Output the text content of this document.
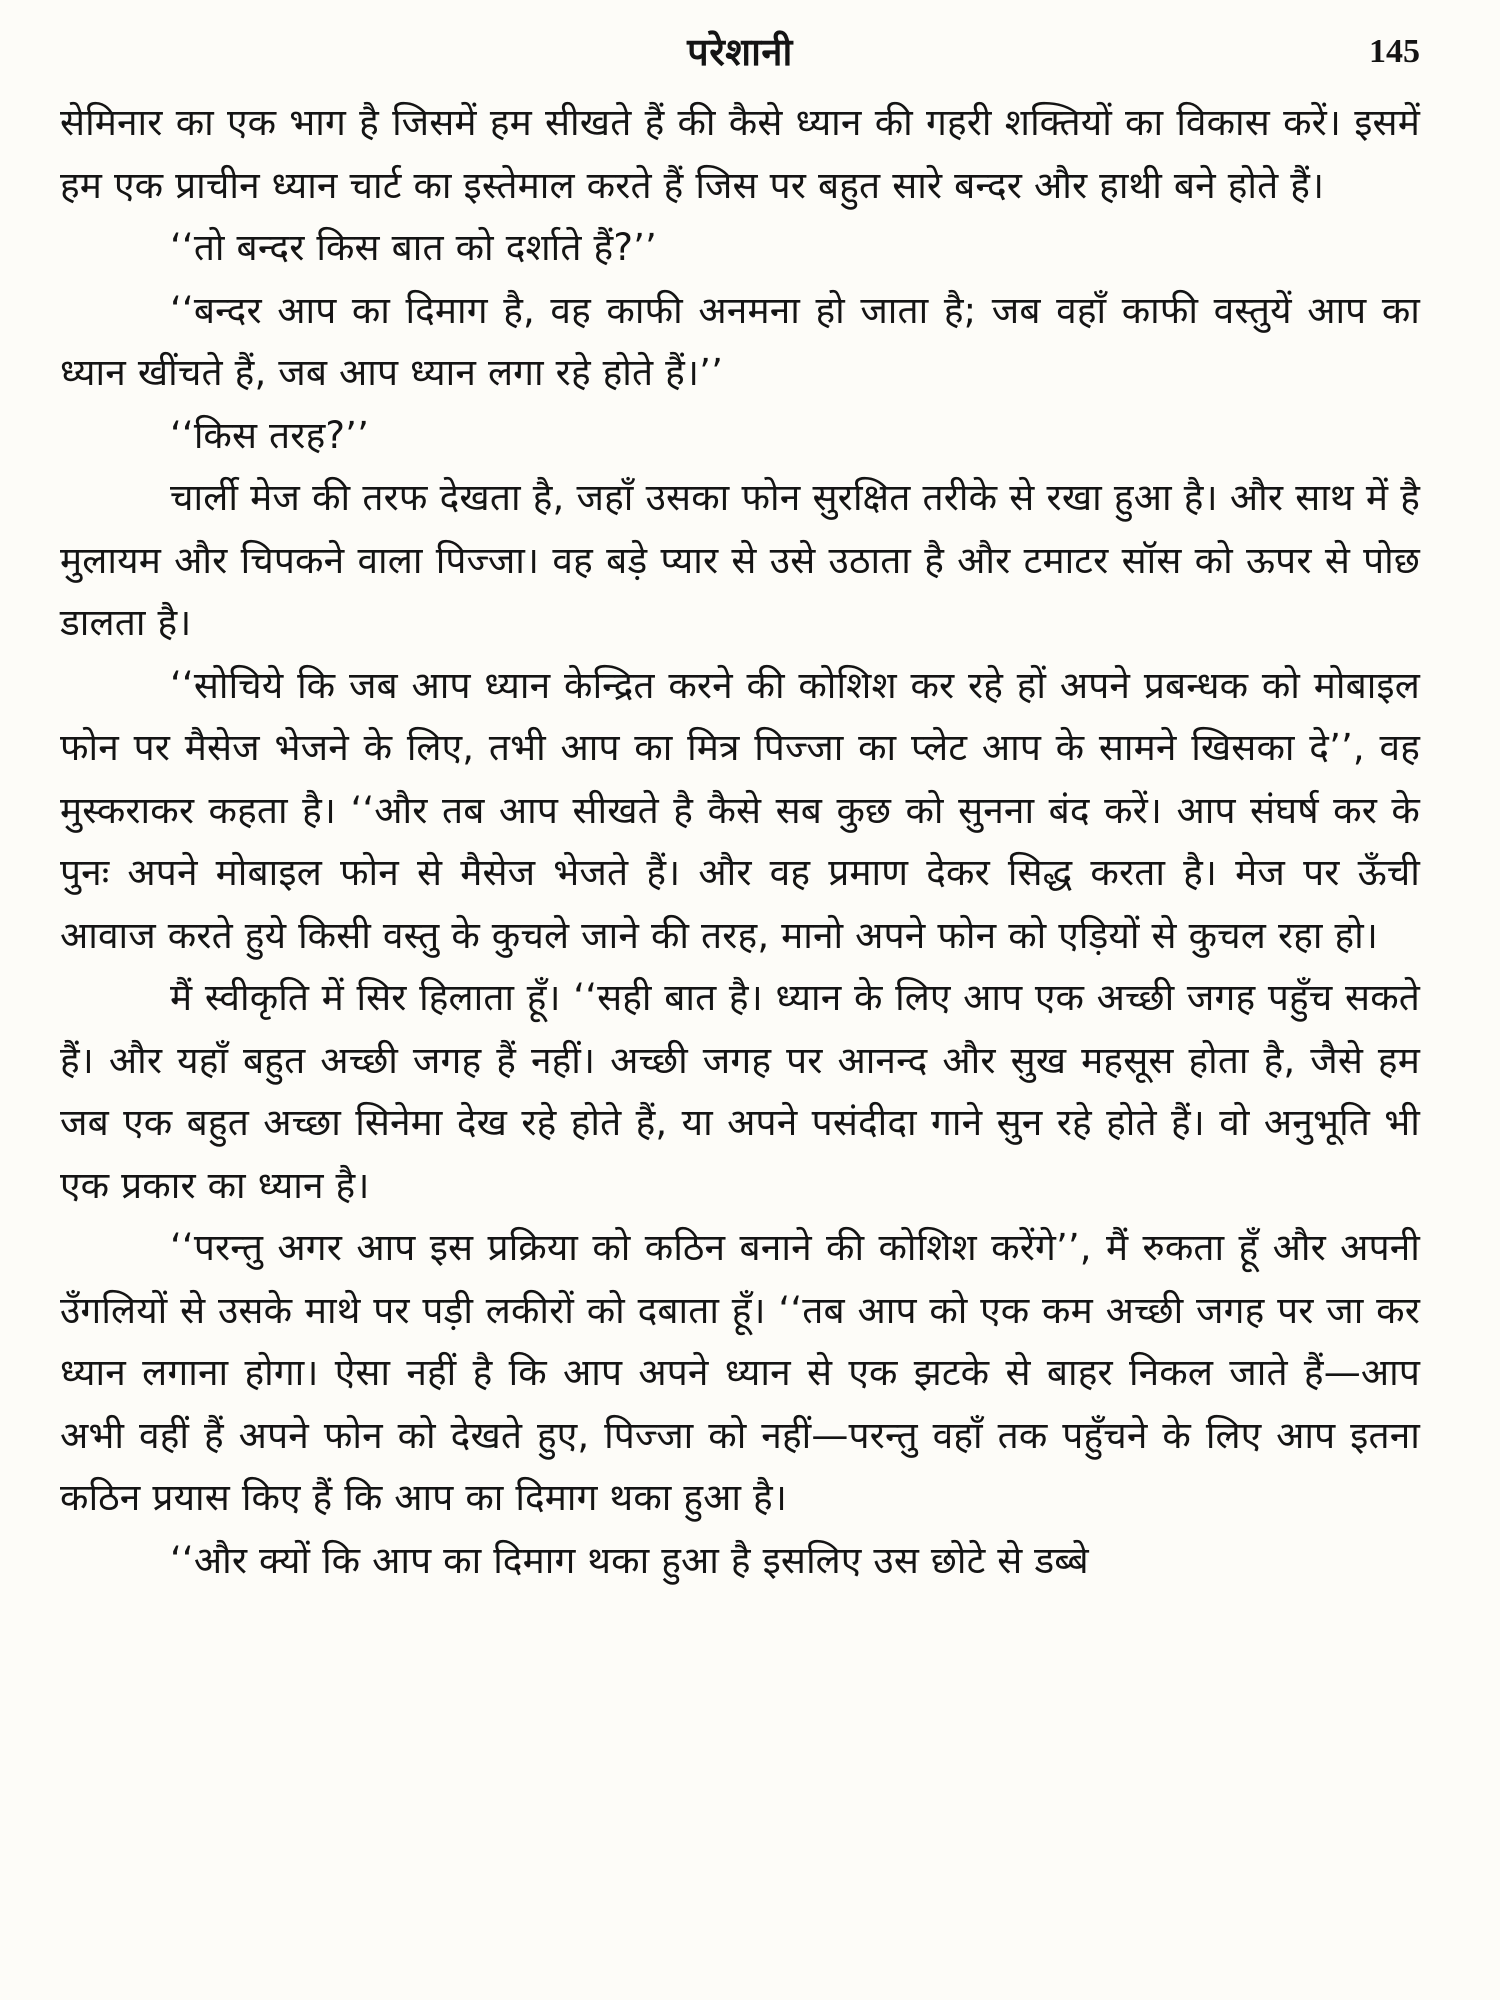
परेशानी	145

सेमिनार का एक भाग है जिसमें हम सीखते हैं की कैसे ध्यान की गहरी शक्तियों का विकास करें। इसमें हम एक प्राचीन ध्यान चार्ट का इस्तेमाल करते हैं जिस पर बहुत सारे बन्दर और हाथी बने होते हैं।

‘‘तो बन्दर किस बात को दर्शाते हैं?’’

‘‘बन्दर आप का दिमाग है, वह काफी अनमना हो जाता है; जब वहाँ काफी वस्तुयें आप का ध्यान खींचते हैं, जब आप ध्यान लगा रहे होते हैं।’’

‘‘किस तरह?’’

चार्ली मेज की तरफ देखता है, जहाँ उसका फोन सुरक्षित तरीके से रखा हुआ है। और साथ में है मुलायम और चिपकने वाला पिज्जा। वह बड़े प्यार से उसे उठाता है और टमाटर सॉस को ऊपर से पोछ डालता है।

‘‘सोचिये कि जब आप ध्यान केन्द्रित करने की कोशिश कर रहे हों अपने प्रबन्धक को मोबाइल फोन पर मैसेज भेजने के लिए, तभी आप का मित्र पिज्जा का प्लेट आप के सामने खिसका दे’’, वह मुस्कराकर कहता है। ‘‘और तब आप सीखते है कैसे सब कुछ को सुनना बंद करें। आप संघर्ष कर के पुनः अपने मोबाइल फोन से मैसेज भेजते हैं। और वह प्रमाण देकर सिद्ध करता है। मेज पर ऊँची आवाज करते हुये किसी वस्तु के कुचले जाने की तरह, मानो अपने फोन को एड़ियों से कुचल रहा हो।

मैं स्वीकृति में सिर हिलाता हूँ। ‘‘सही बात है। ध्यान के लिए आप एक अच्छी जगह पहुँच सकते हैं। और यहाँ बहुत अच्छी जगह हैं नहीं। अच्छी जगह पर आनन्द और सुख महसूस होता है, जैसे हम जब एक बहुत अच्छा सिनेमा देख रहे होते हैं, या अपने पसंदीदा गाने सुन रहे होते हैं। वो अनुभूति भी एक प्रकार का ध्यान है।

‘‘परन्तु अगर आप इस प्रक्रिया को कठिन बनाने की कोशिश करेंगे’’, मैं रुकता हूँ और अपनी उँगलियों से उसके माथे पर पड़ी लकीरों को दबाता हूँ। ‘‘तब आप को एक कम अच्छी जगह पर जा कर ध्यान लगाना होगा। ऐसा नहीं है कि आप अपने ध्यान से एक झटके से बाहर निकल जाते हैं—आप अभी वहीं हैं अपने फोन को देखते हुए, पिज्जा को नहीं—परन्तु वहाँ तक पहुँचने के लिए आप इतना कठिन प्रयास किए हैं कि आप का दिमाग थका हुआ है।

‘‘और क्यों कि आप का दिमाग थका हुआ है इसलिए उस छोटे से डब्बे
